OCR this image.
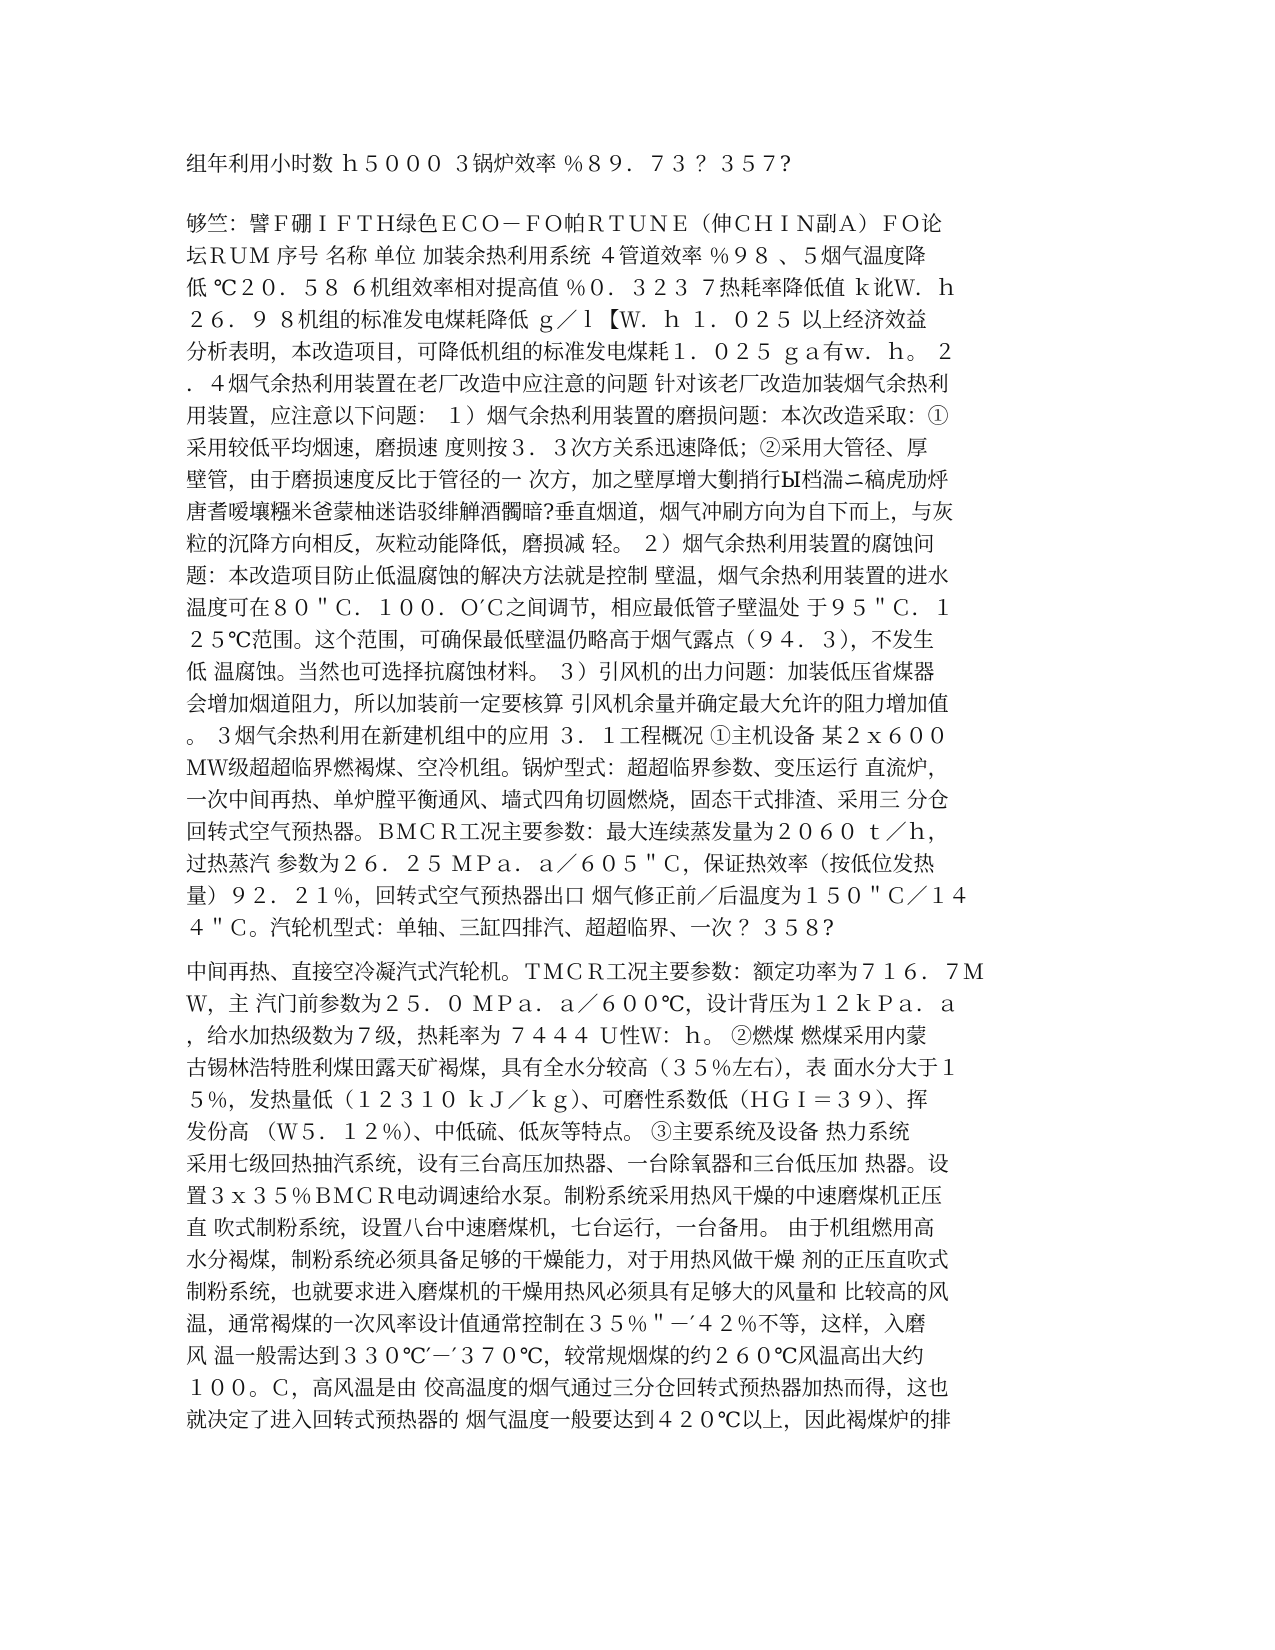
组年利用小时数 ｈ５０００ ３锅炉效率 ％８９．７３ ？３５７?
够竺：譬Ｆ硼ＩＦＴＨ绿色ＥＣＯ－ＦＯ帕ＲＴＵＮＥ（伸ＣＨＩＮ副Ａ）ＦＯ论
坛ＲＵＭ 序号 名称 单位 加装余热利用系统 ４管道效率 ％９８ 、５烟气温度降
低 ℃２０．５８ ６机组效率相对提高值 ％０．３２３ ７热耗率降低值 ｋ讹Ｗ．ｈ
２６．９ ８机组的标准发电煤耗降低 ｇ／ｌ【Ｗ．ｈ １．０２５ 以上经济效益
分析表明，本改造项目，可降低机组的标准发电煤耗１．０２５ ｇａ有ｗ．ｈ。 ２
．４烟气余热利用装置在老厂改造中应注意的问题 针对该老厂改造加装烟气余热利
用装置，应注意以下问题： １）烟气余热利用装置的磨损问题：本次改造采取：①
采用较低平均烟速，磨损速 度则按３．３次方关系迅速降低；②采用大管径、厚
壁管，由于磨损速度反比于管径的一 次方，加之壁厚增大劐捎行Ы档湍ニ稿虎劢烀
唐耆嗳壤糨米爸蒙柚迷诰驳绯觯酒髑暗?垂直烟道，烟气冲刷方向为自下而上，与灰
粒的沉降方向相反，灰粒动能降低，磨损减 轻。 ２）烟气余热利用装置的腐蚀问
题：本改造项目防止低温腐蚀的解决方法就是控制 壁温，烟气余热利用装置的进水
温度可在８０＂Ｃ．１００．Ｏ′Ｃ之间调节，相应最低管子壁温处 于９５＂Ｃ．１
２５℃范围。这个范围，可确保最低壁温仍略高于烟气露点（９４．３），不发生
低 温腐蚀。当然也可选择抗腐蚀材料。 ３）引风机的出力问题：加装低压省煤器
会增加烟道阻力，所以加装前一定要核算 引风机余量并确定最大允许的阻力增加值
。 ３烟气余热利用在新建机组中的应用 ３．１工程概况 ①主机设备 某２ｘ６００
ＭＷ级超超临界燃褐煤、空冷机组。锅炉型式：超超临界参数、变压运行 直流炉，
一次中间再热、单炉膛平衡通风、墙式四角切圆燃烧，固态干式排渣、采用三 分仓
回转式空气预热器。ＢＭＣＲ工况主要参数：最大连续蒸发量为２０６０ ｔ／ｈ，
过热蒸汽 参数为２６．２５ ＭＰａ．ａ／６０５＂Ｃ，保证热效率（按低位发热
量）９２．２１％，回转式空气预热器出口 烟气修正前／后温度为１５０＂Ｃ／１４
４＂Ｃ。汽轮机型式：单轴、三缸四排汽、超超临界、一次 ？３５８?
中间再热、直接空冷凝汽式汽轮机。ＴＭＣＲ工况主要参数：额定功率为７１６．７Ｍ
Ｗ，主 汽门前参数为２５．０ ＭＰａ．ａ／６００℃，设计背压为１２ｋＰａ．ａ
，给水加热级数为７级，热耗率为 ７４４４ Ｕ性Ｗ：ｈ。 ②燃煤 燃煤采用内蒙
古锡林浩特胜利煤田露天矿褐煤，具有全水分较高（３５％左右），表 面水分大于１
５％，发热量低（１２３１０ ｋＪ／ｋｇ）、可磨性系数低（ＨＧＩ＝３９）、挥
发份高 （Ｗ５．１２％）、中低硫、低灰等特点。 ③主要系统及设备 热力系统
采用七级回热抽汽系统，设有三台高压加热器、一台除氧器和三台低压加 热器。设
置３ｘ３５％ＢＭＣＲ电动调速给水泵。制粉系统采用热风干燥的中速磨煤机正压
直 吹式制粉系统，设置八台中速磨煤机，七台运行，一台备用。 由于机组燃用高
水分褐煤，制粉系统必须具备足够的干燥能力，对于用热风做干燥 剂的正压直吹式
制粉系统，也就要求进入磨煤机的干燥用热风必须具有足够大的风量和 比较高的风
温，通常褐煤的一次风率设计值通常控制在３５％＂－′４２％不等，这样，入磨
风 温一般需达到３３０℃′－′３７０℃，较常规烟煤的约２６０℃风温高出大约
１００。Ｃ，高风温是由 佼高温度的烟气通过三分仓回转式预热器加热而得，这也
就决定了进入回转式预热器的 烟气温度一般要达到４２０℃以上，因此褐煤炉的排
